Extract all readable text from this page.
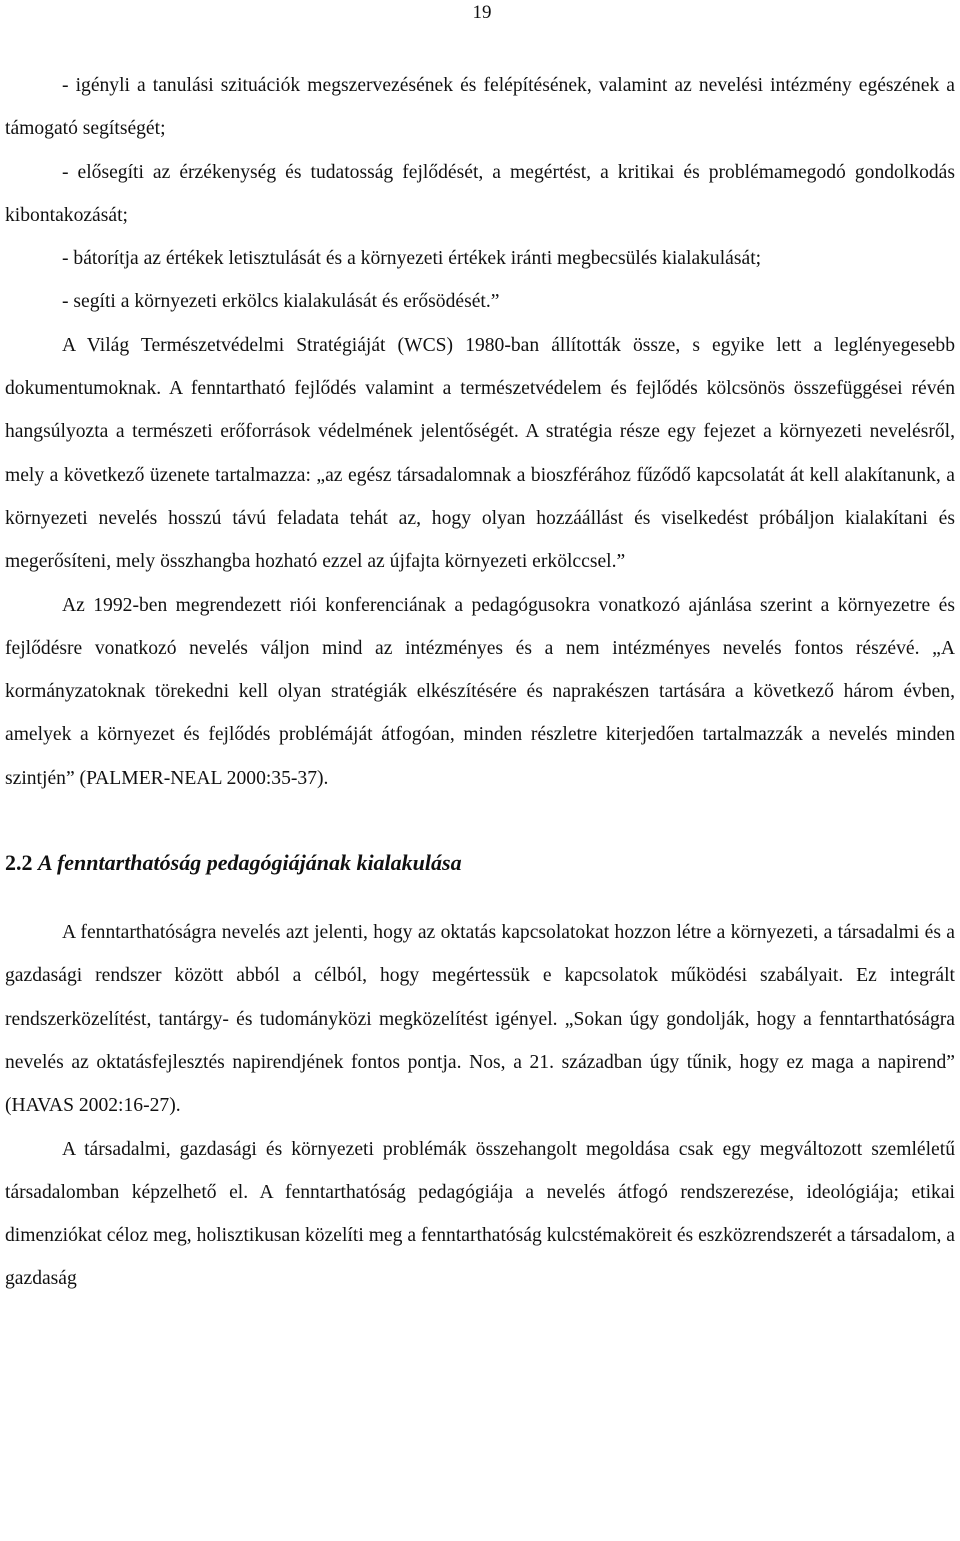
19

- igényli a tanulási szituációk megszervezésének és felépítésének, valamint az nevelési intézmény egészének a támogató segítségét;

- elősegíti az érzékenység és tudatosság fejlődését, a megértést, a kritikai és problémamegodó gondolkodás kibontakozását;

- bátorítja az értékek letisztulását és a környezeti értékek iránti megbecsülés kialakulását;

- segíti a környezeti erkölcs kialakulását és erősödését.”

A Világ Természetvédelmi Stratégiáját (WCS) 1980-ban állították össze, s egyike lett a leglényegesebb dokumentumoknak. A fenntartható fejlődés valamint a természetvédelem és fejlődés kölcsönös összefüggései révén hangsúlyozta a természeti erőforrások védelmének jelentőségét. A stratégia része egy fejezet a környezeti nevelésről, mely a következő üzenete tartalmazza: „az egész társadalomnak a bioszférához fűződő kapcsolatát át kell alakítanunk, a környezeti nevelés hosszú távú feladata tehát az, hogy olyan hozzáállást és viselkedést próbáljon kialakítani és megerősíteni, mely összhangba hozható ezzel az újfajta környezeti erkölccsel.”

Az 1992-ben megrendezett riói konferenciának a pedagógusokra vonatkozó ajánlása szerint a környezetre és fejlődésre vonatkozó nevelés váljon mind az intézményes és a nem intézményes nevelés fontos részévé. „A kormányzatoknak törekedni kell olyan stratégiák elkészítésére és naprakészen tartására a következő három évben, amelyek a környezet és fejlődés problémáját átfogóan, minden részletre kiterjedően tartalmazzák a nevelés minden szintjén” (PALMER-NEAL 2000:35-37).

2.2 A fenntarthatóság pedagógiájának kialakulása

A fenntarthatóságra nevelés azt jelenti, hogy az oktatás kapcsolatokat hozzon létre a környezeti, a társadalmi és a gazdasági rendszer között abból a célból, hogy megértessük e kapcsolatok működési szabályait. Ez integrált rendszerközelítést, tantárgy- és tudományközi megközelítést igényel. „Sokan úgy gondolják, hogy a fenntarthatóságra nevelés az oktatásfejlesztés napirendjének fontos pontja. Nos, a 21. században úgy tűnik, hogy ez maga a napirend” (HAVAS 2002:16-27).

A társadalmi, gazdasági és környezeti problémák összehangolt megoldása csak egy megváltozott szemléletű társadalomban képzelhető el. A fenntarthatóság pedagógiája a nevelés átfogó rendszerezése, ideológiája; etikai dimenziókat céloz meg, holisztikusan közelíti meg a fenntarthatóság kulcstémaköreit és eszközrendszerét a társadalom, a gazdaság
